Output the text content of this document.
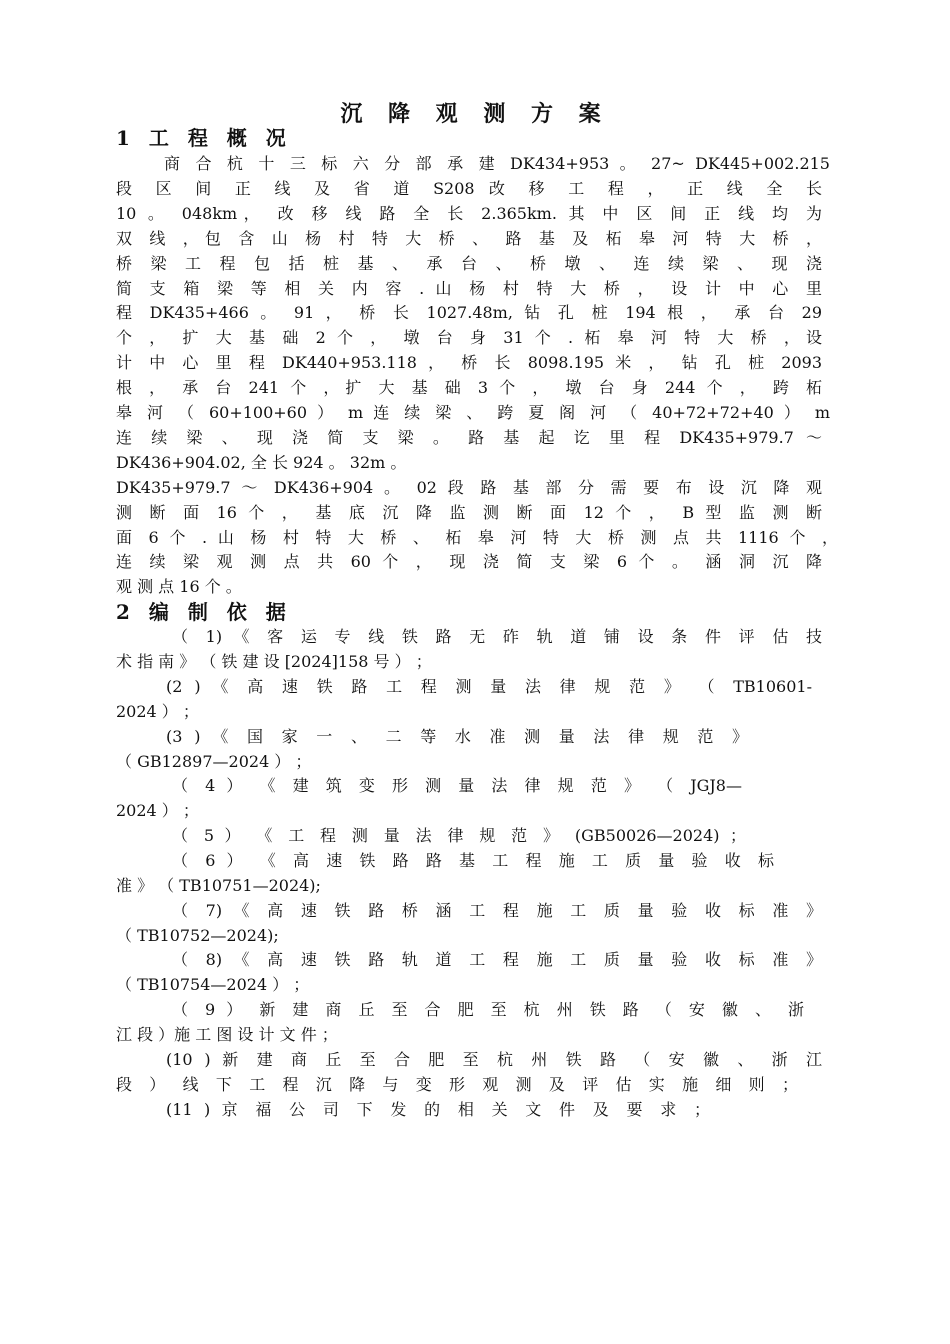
沉 降 观 测 方 案
1 工 程 概 况
商 合 杭 十 三 标 六 分 部 承 建 DK434+953 。 27~ DK445+002.215
段 区 间 正 线 及 省 道 S208 改 移 工 程 ， 正 线 全 长
10 。 048km， 改 移 线 路 全 长 2.365km. 其 中 区 间 正 线 均 为
双 线 ，包 含 山 杨 村 特 大 桥 、 路 基 及 柘 皋 河 特 大 桥 ，
桥 梁 工 程 包 括 桩 基 、 承 台 、 桥 墩 、 连 续 梁 、 现 浇
简 支 箱 梁 等 相 关 内 容 . 山 杨 村 特 大 桥 ， 设 计 中 心 里
程 DK435+466 。 91 ， 桥 长 1027.48m, 钻 孔 桩 194 根 ， 承 台 29
个 ， 扩 大 基 础 2 个 ， 墩 台 身 31 个 . 柘 皋 河 特 大 桥 ，设
计 中 心 里 程 DK440+953.118 ， 桥 长 8098.195 米 ， 钻 孔 桩 2093
根 ， 承 台 241 个 ，扩 大 基 础 3 个 ， 墩 台 身 244 个 ， 跨 柘
皋 河 （ 60+100+60 ） m 连 续 梁 、 跨 夏 阁 河 （ 40+72+72+40 ） m
连 续 梁 、 现 浇 简 支 梁 。 路 基 起 讫 里 程 DK435+979.7 ～
DK436+904.02, 全 长 924 。 32m 。
DK435+979.7 ～ DK436+904 。 02 段 路 基 部 分 需 要 布 设 沉 降 观
测 断 面 16 个 ， 基 底 沉 降 监 测 断 面 12 个 ， B 型 监 测 断
面 6 个 . 山 杨 村 特 大 桥 、 柘 皋 河 特 大 桥 测 点 共 1116 个 ，
连 续 梁 观 测 点 共 60 个 ， 现 浇 简 支 梁 6 个 。 涵 洞 沉 降
观 测 点 16 个 。
2 编 制 依 据
（ 1) 《 客 运 专 线 铁 路 无 砟 轨 道 铺 设 条 件 评 估 技
术 指 南 》 （ 铁 建 设 [2024]158 号 ） ；
(2 ) 《 高 速 铁 路 工 程 测 量 法 律 规 范 》 （ TB10601-
2024 ） ；
(3 ) 《 国 家 一 、 二 等 水 准 测 量 法 律 规 范 》
（ GB12897—2024 ） ；
（ 4 ） 《 建 筑 变 形 测 量 法 律 规 范 》 （ JGJ8—
2024 ） ；
（ 5 ） 《 工 程 测 量 法 律 规 范 》 (GB50026—2024) ；
（ 6 ） 《 高 速 铁 路 路 基 工 程 施 工 质 量 验 收 标
准 》 （ TB10751—2024);
（ 7) 《 高 速 铁 路 桥 涵 工 程 施 工 质 量 验 收 标 准 》
（ TB10752—2024);
（ 8) 《 高 速 铁 路 轨 道 工 程 施 工 质 量 验 收 标 准 》
（ TB10754—2024 ） ；
（ 9 ） 新 建 商 丘 至 合 肥 至 杭 州 铁 路 （ 安 徽 、 浙
江 段 ）施 工 图 设 计 文 件 ；
(10 ) 新 建 商 丘 至 合 肥 至 杭 州 铁 路 （ 安 徽 、 浙 江
段 ） 线 下 工 程 沉 降 与 变 形 观 测 及 评 估 实 施 细 则 ；
(11 ) 京 福 公 司 下 发 的 相 关 文 件 及 要 求 ；
